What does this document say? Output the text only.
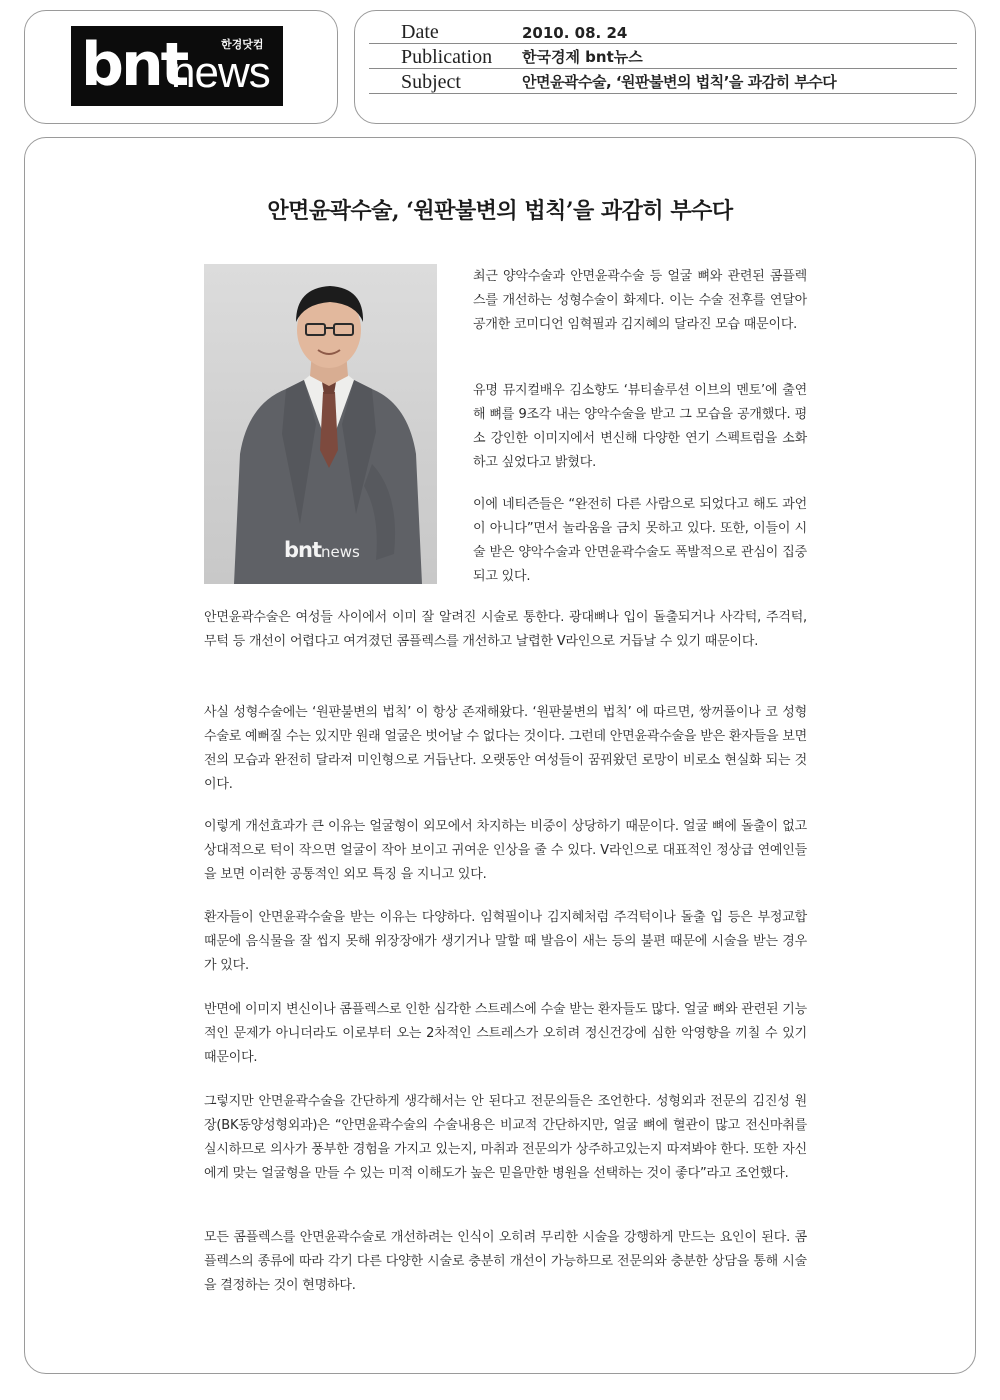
bnt
news
한경닷컴
Date	2010. 08. 24
Publication 한국경제 bnt뉴스
Subject	안면윤곽수술, ‘원판불변의 법칙’을 과감히 부수다
안면윤곽수술, ‘원판불변의 법칙’을 과감히 부수다
bntnews

최근 양악수술과 안면윤곽수술 등 얼굴 뼈와 관련된 콤플렉스를 개선하는 성형수술이 화제다. 이는 수술 전후를 연달아 공개한 코미디언 임혁필과 김지혜의 달라진 모습 때문이다.

유명 뮤지컬배우 김소향도 ‘뷰티솔루션 이브의 멘토’에 출연해 뼈를 9조각 내는 양악수술을 받고 그 모습을 공개했다. 평소 강인한 이미지에서 변신해 다양한 연기 스펙트럼을 소화하고 싶었다고 밝혔다.

이에 네티즌들은 “완전히 다른 사람으로 되었다고 해도 과언이 아니다”면서 놀라움을 금치 못하고 있다. 또한, 이들이 시술 받은 양악수술과 안면윤곽수술도 폭발적으로 관심이 집중되고 있다.

안면윤곽수술은 여성들 사이에서 이미 잘 알려진 시술로 통한다. 광대뼈나 입이 돌출되거나 사각턱, 주걱턱, 무턱 등 개선이 어렵다고 여겨졌던 콤플렉스를 개선하고 날렵한 V라인으로 거듭날 수 있기 때문이다.

사실 성형수술에는 ‘원판불변의 법칙’ 이 항상 존재해왔다. ‘원판불변의 법칙’ 에 따르면, 쌍꺼풀이나 코 성형 수술로 예뻐질 수는 있지만 원래 얼굴은 벗어날 수 없다는 것이다. 그런데 안면윤곽수술을 받은 환자들을 보면 전의 모습과 완전히 달라져 미인형으로 거듭난다. 오랫동안 여성들이 꿈꿔왔던 로망이 비로소 현실화 되는 것이다.

이렇게 개선효과가 큰 이유는 얼굴형이 외모에서 차지하는 비중이 상당하기 때문이다. 얼굴 뼈에 돌출이 없고 상대적으로 턱이 작으면 얼굴이 작아 보이고 귀여운 인상을 줄 수 있다. V라인으로 대표적인 정상급 연예인들을 보면 이러한 공통적인 외모 특징 을 지니고 있다.

환자들이 안면윤곽수술을 받는 이유는 다양하다. 임혁필이나 김지혜처럼 주걱턱이나 돌출 입 등은 부정교합 때문에 음식물을 잘 씹지 못해 위장장애가 생기거나 말할 때 발음이 새는 등의 불편 때문에 시술을 받는 경우가 있다.

반면에 이미지 변신이나 콤플렉스로 인한 심각한 스트레스에 수술 받는 환자들도 많다. 얼굴 뼈와 관련된 기능적인 문제가 아니더라도 이로부터 오는 2차적인 스트레스가 오히려 정신건강에 심한 악영향을 끼칠 수 있기 때문이다.

그렇지만 안면윤곽수술을 간단하게 생각해서는 안 된다고 전문의들은 조언한다. 성형외과 전문의 김진성 원장(BK동양성형외과)은 “안면윤곽수술의 수술내용은 비교적 간단하지만, 얼굴 뼈에 혈관이 많고 전신마취를 실시하므로 의사가 풍부한 경험을 가지고 있는지, 마취과 전문의가 상주하고있는지 따져봐야 한다. 또한 자신에게 맞는 얼굴형을 만들 수 있는 미적 이해도가 높은 믿을만한 병원을 선택하는 것이 좋다”라고 조언했다.

모든 콤플렉스를 안면윤곽수술로 개선하려는 인식이 오히려 무리한 시술을 강행하게 만드는 요인이 된다. 콤플렉스의 종류에 따라 각기 다른 다양한 시술로 충분히 개선이 가능하므로 전문의와 충분한 상담을 통해 시술을 결정하는 것이 현명하다.
